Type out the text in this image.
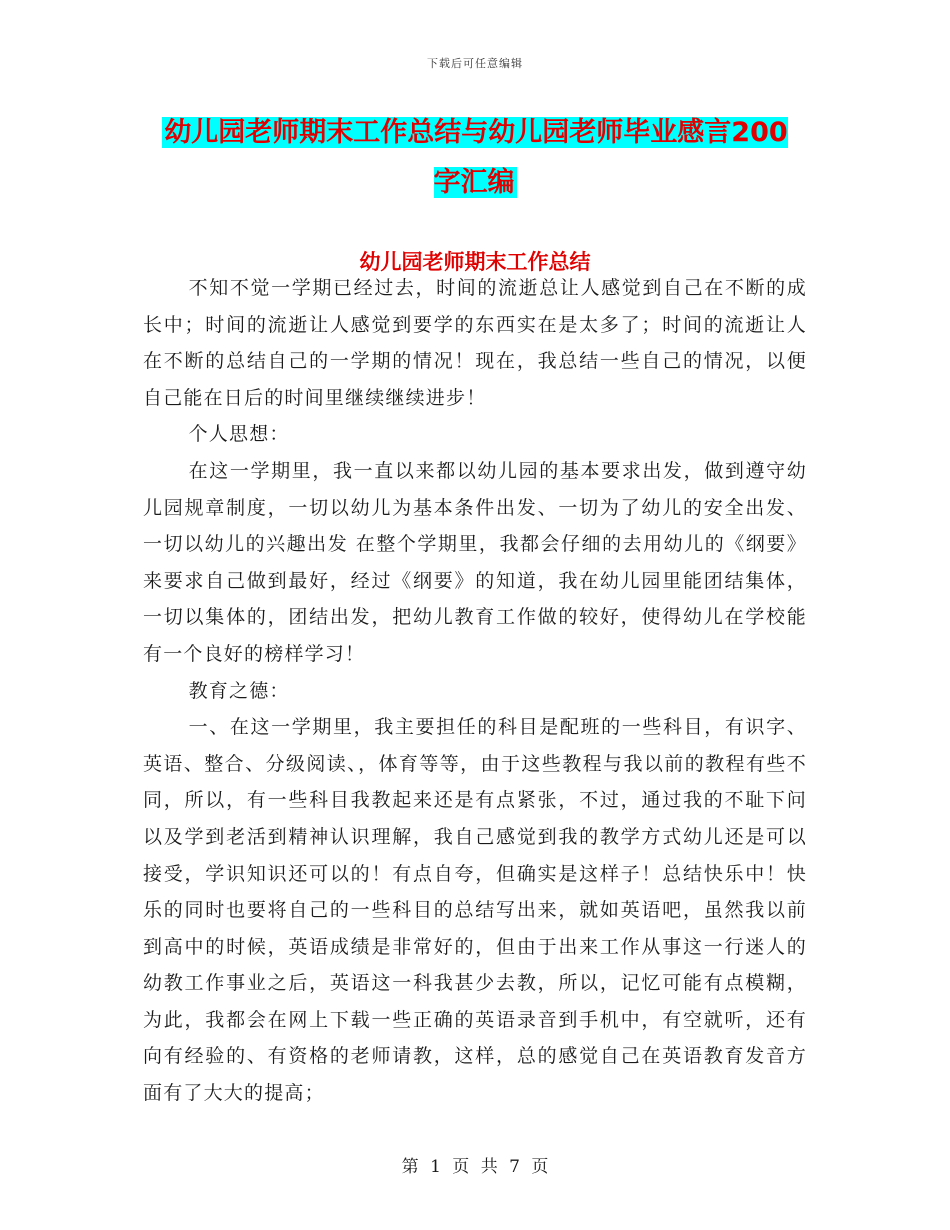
下载后可任意编辑
幼儿园老师期末工作总结与幼儿园老师毕业感言200字汇编
幼儿园老师期末工作总结

不知不觉一学期已经过去，时间的流逝总让人感觉到自己在不断的成长中；时间的流逝让人感觉到要学的东西实在是太多了；时间的流逝让人在不断的总结自己的一学期的情况！现在，我总结一些自己的情况，以便自己能在日后的时间里继续继续进步！

个人思想：

在这一学期里，我一直以来都以幼儿园的基本要求出发，做到遵守幼儿园规章制度，一切以幼儿为基本条件出发、一切为了幼儿的安全出发、一切以幼儿的兴趣出发 在整个学期里，我都会仔细的去用幼儿的《纲要》来要求自己做到最好，经过《纲要》的知道，我在幼儿园里能团结集体，一切以集体的，团结出发，把幼儿教育工作做的较好，使得幼儿在学校能有一个良好的榜样学习！

教育之德：

一、在这一学期里，我主要担任的科目是配班的一些科目，有识字、英语、整合、分级阅读、，体育等等，由于这些教程与我以前的教程有些不同，所以，有一些科目我教起来还是有点紧张，不过，通过我的不耻下问以及学到老活到精神认识理解，我自己感觉到我的教学方式幼儿还是可以接受，学识知识还可以的！有点自夸，但确实是这样子！总结快乐中！快乐的同时也要将自己的一些科目的总结写出来，就如英语吧，虽然我以前到高中的时候，英语成绩是非常好的，但由于出来工作从事这一行迷人的幼教工作事业之后，英语这一科我甚少去教，所以，记忆可能有点模糊，为此，我都会在网上下载一些正确的英语录音到手机中，有空就听，还有向有经验的、有资格的老师请教，这样，总的感觉自己在英语教育发音方面有了大大的提高；

第 1 页 共 7 页
